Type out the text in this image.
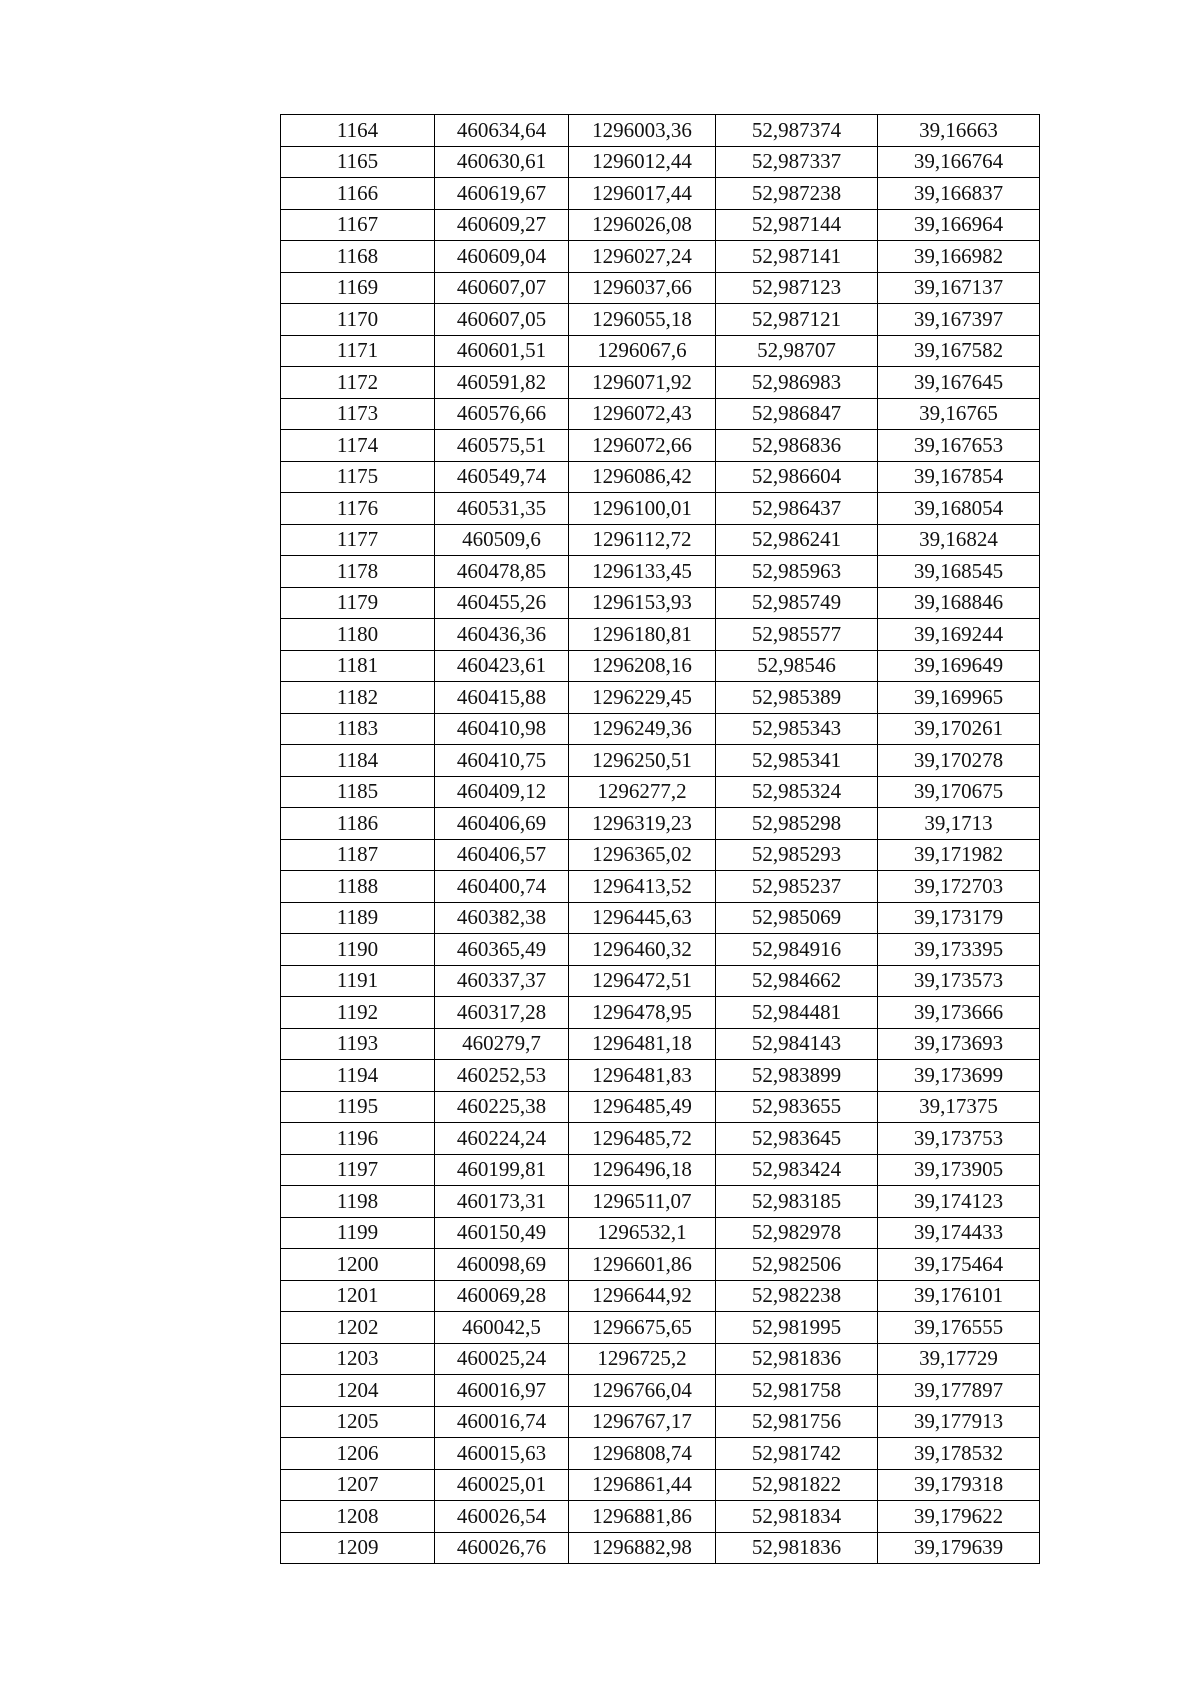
1164	460634,64	1296003,36	52,987374	39,16663
1165	460630,61	1296012,44	52,987337	39,166764
1166	460619,67	1296017,44	52,987238	39,166837
1167	460609,27	1296026,08	52,987144	39,166964
1168	460609,04	1296027,24	52,987141	39,166982
1169	460607,07	1296037,66	52,987123	39,167137
1170	460607,05	1296055,18	52,987121	39,167397
1171	460601,51	1296067,6	52,98707	39,167582
1172	460591,82	1296071,92	52,986983	39,167645
1173	460576,66	1296072,43	52,986847	39,16765
1174	460575,51	1296072,66	52,986836	39,167653
1175	460549,74	1296086,42	52,986604	39,167854
1176	460531,35	1296100,01	52,986437	39,168054
1177	460509,6	1296112,72	52,986241	39,16824
1178	460478,85	1296133,45	52,985963	39,168545
1179	460455,26	1296153,93	52,985749	39,168846
1180	460436,36	1296180,81	52,985577	39,169244
1181	460423,61	1296208,16	52,98546	39,169649
1182	460415,88	1296229,45	52,985389	39,169965
1183	460410,98	1296249,36	52,985343	39,170261
1184	460410,75	1296250,51	52,985341	39,170278
1185	460409,12	1296277,2	52,985324	39,170675
1186	460406,69	1296319,23	52,985298	39,1713
1187	460406,57	1296365,02	52,985293	39,171982
1188	460400,74	1296413,52	52,985237	39,172703
1189	460382,38	1296445,63	52,985069	39,173179
1190	460365,49	1296460,32	52,984916	39,173395
1191	460337,37	1296472,51	52,984662	39,173573
1192	460317,28	1296478,95	52,984481	39,173666
1193	460279,7	1296481,18	52,984143	39,173693
1194	460252,53	1296481,83	52,983899	39,173699
1195	460225,38	1296485,49	52,983655	39,17375
1196	460224,24	1296485,72	52,983645	39,173753
1197	460199,81	1296496,18	52,983424	39,173905
1198	460173,31	1296511,07	52,983185	39,174123
1199	460150,49	1296532,1	52,982978	39,174433
1200	460098,69	1296601,86	52,982506	39,175464
1201	460069,28	1296644,92	52,982238	39,176101
1202	460042,5	1296675,65	52,981995	39,176555
1203	460025,24	1296725,2	52,981836	39,17729
1204	460016,97	1296766,04	52,981758	39,177897
1205	460016,74	1296767,17	52,981756	39,177913
1206	460015,63	1296808,74	52,981742	39,178532
1207	460025,01	1296861,44	52,981822	39,179318
1208	460026,54	1296881,86	52,981834	39,179622
1209	460026,76	1296882,98	52,981836	39,179639
